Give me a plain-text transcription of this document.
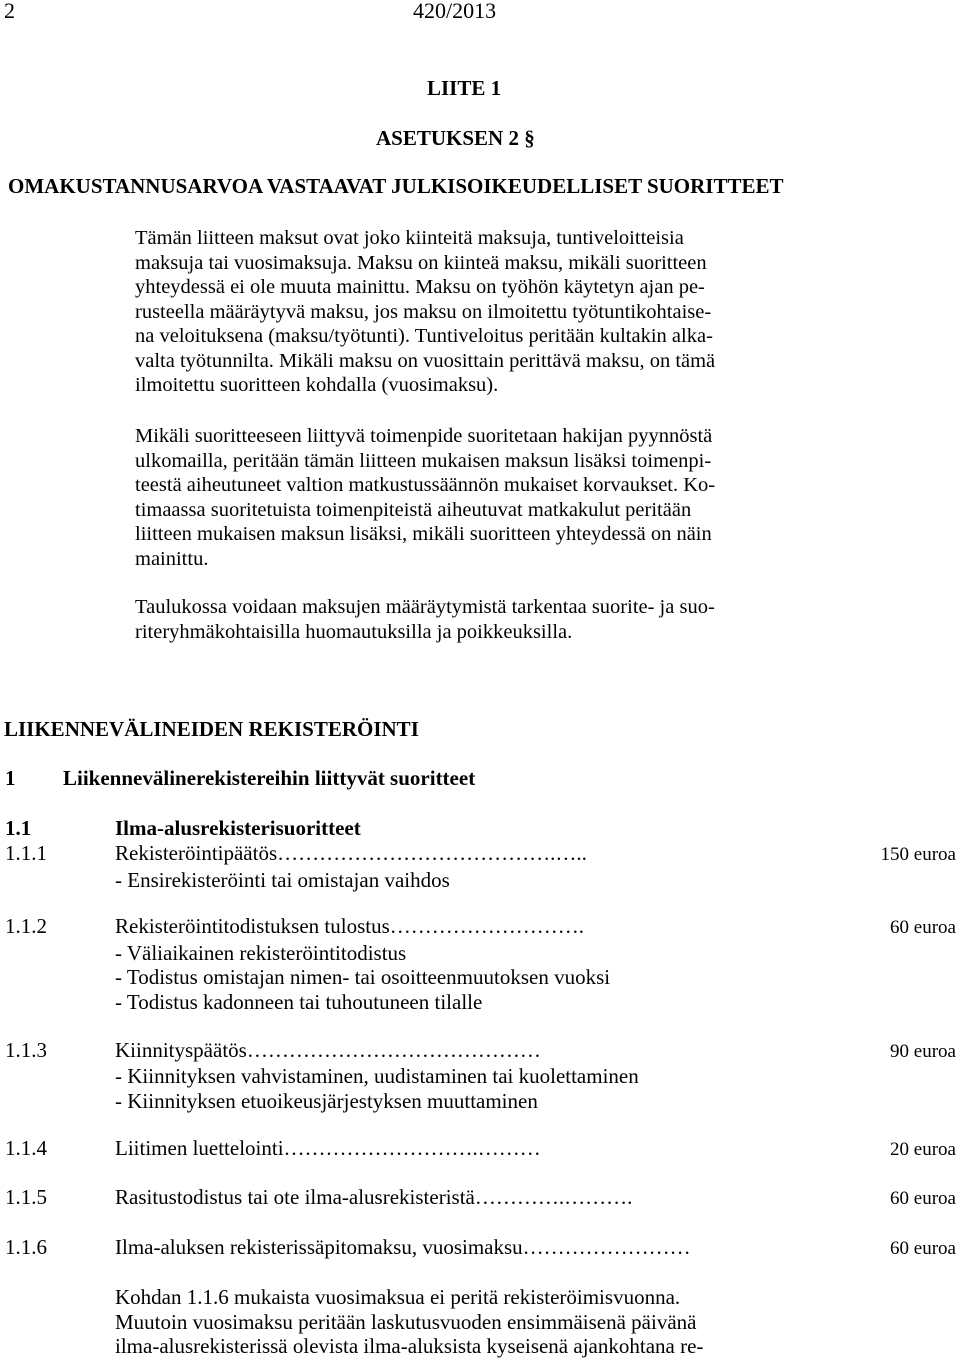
2	420/2013
LIITE 1
ASETUKSEN 2 §
OMAKUSTANNUSARVOA VASTAAVAT JULKISOIKEUDELLISET SUORITTEET
Tämän liitteen maksut ovat joko kiinteitä maksuja, tuntiveloitteisia
maksuja tai vuosimaksuja. Maksu on kiinteä maksu, mikäli suoritteen
yhteydessä ei ole muuta mainittu. Maksu on työhön käytetyn ajan pe-
rusteella määräytyvä maksu, jos maksu on ilmoitettu työtuntikohtaise-
na veloituksena (maksu/työtunti). Tuntiveloitus peritään kultakin alka-
valta työtunnilta. Mikäli maksu on vuosittain perittävä maksu, on tämä
ilmoitettu suoritteen kohdalla (vuosimaksu).
Mikäli suoritteeseen liittyvä toimenpide suoritetaan hakijan pyynnöstä
ulkomailla, peritään tämän liitteen mukaisen maksun lisäksi toimenpi-
teestä aiheutuneet valtion matkustussäännön mukaiset korvaukset. Ko-
timaassa suoritetuista toimenpiteistä aiheutuvat matkakulut peritään
liitteen mukaisen maksun lisäksi, mikäli suoritteen yhteydessä on näin
mainittu.
Taulukossa voidaan maksujen määräytymistä tarkentaa suorite- ja suo-
riteryhmäkohtaisilla huomautuksilla ja poikkeuksilla.
LIIKENNEVÄLINEIDEN REKISTERÖINTI
1 Liikennevälinerekistereihin liittyvät suoritteet
1.1	Ilma-alusrekisterisuoritteet
1.1.1	Rekisteröintipäätös………………………………….…..	150 euroa
- Ensirekisteröinti tai omistajan vaihdos
1.1.2	Rekisteröintitodistuksen tulostus……………………….	60 euroa
- Väliaikainen rekisteröintitodistus
- Todistus omistajan nimen- tai osoitteenmuutoksen vuoksi
- Todistus kadonneen tai tuhoutuneen tilalle
1.1.3	Kiinnityspäätös……………………………………	90 euroa
- Kiinnityksen vahvistaminen, uudistaminen tai kuolettaminen
- Kiinnityksen etuoikeusjärjestyksen muuttaminen
1.1.4	Liitimen luettelointi……………………….………	20 euroa
1.1.5	Rasitustodistus tai ote ilma-alusrekisteristä………….……….	60 euroa
1.1.6	Ilma-aluksen rekisterissäpitomaksu, vuosimaksu……………………	60 euroa
Kohdan 1.1.6 mukaista vuosimaksua ei peritä rekisteröimisvuonna.
Muutoin vuosimaksu peritään laskutusvuoden ensimmäisenä päivänä
ilma-alusrekisterissä olevista ilma-aluksista kyseisenä ajankohtana re-
